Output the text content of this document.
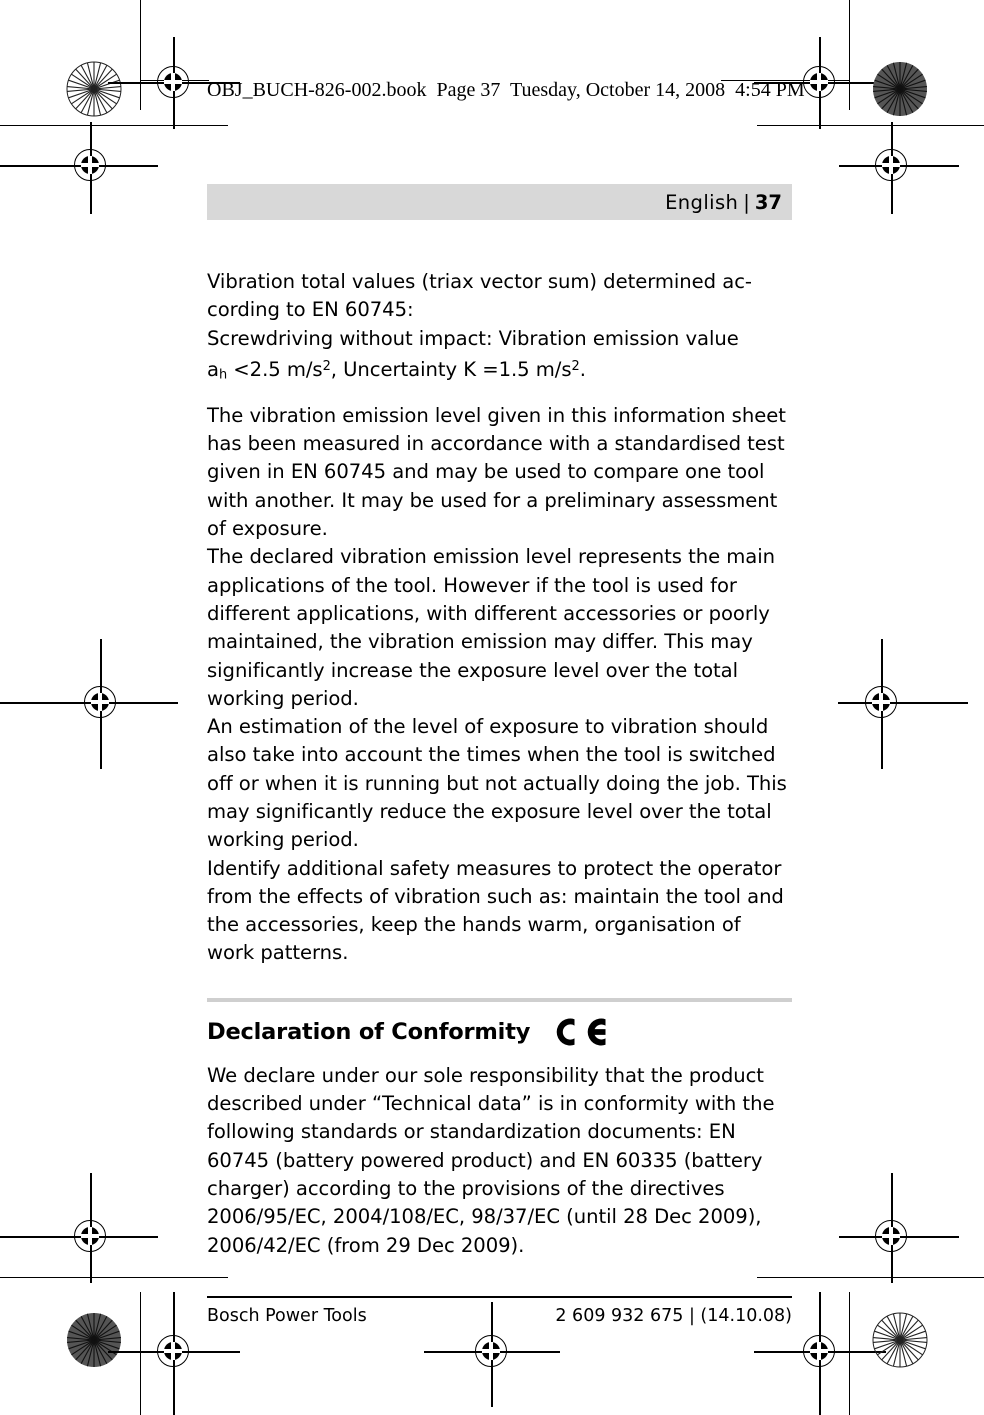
OBJ_BUCH-826-002.book  Page 37  Tuesday, October 14, 2008  4:54 PM
English | 37
Vibration total values (triax vector sum) determined ac-
cording to EN 60745:
Screwdriving without impact: Vibration emission value
$a_h <2.5$ $m/s^2$, Uncertainty K =1.5 $m/s^2$.

The vibration emission level given in this information sheet has been measured in accordance with a standardised test given in EN 60745 and may be used to compare one tool with another. It may be used for a preliminary assessment of exposure.

The declared vibration emission level represents the main applications of the tool. However if the tool is used for different applications, with different accessories or poorly maintained, the vibration emission may differ. This may significantly increase the exposure level over the total working period.

An estimation of the level of exposure to vibration should also take into account the times when the tool is switched off or when it is running but not actually doing the job. This may significantly reduce the exposure level over the total working period.

Identify additional safety measures to protect the operator from the effects of vibration such as: maintain the tool and the accessories, keep the hands warm, organisation of work patterns.

Declaration of Conformity

We declare under our sole responsibility that the product described under “Technical data” is in conformity with the following standards or standardization documents: EN 60745 (battery powered product) and EN 60335 (battery charger) according to the provisions of the directives 2006/95/EC, 2004/108/EC, 98/37/EC (until 28 Dec 2009), 2006/42/EC (from 29 Dec 2009).

Bosch Power Tools	2 609 932 675 | (14.10.08)
